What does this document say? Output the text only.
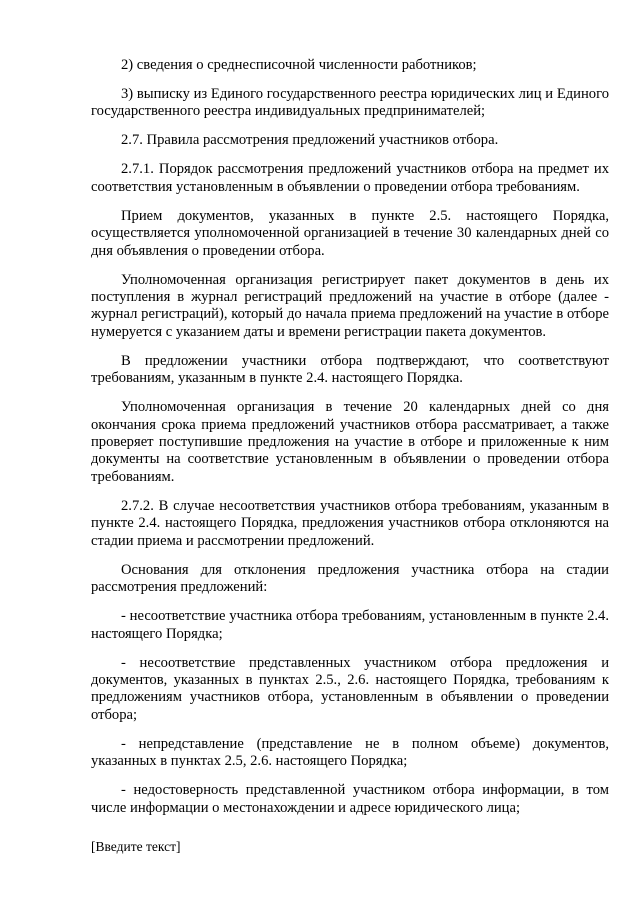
2) сведения о среднесписочной численности работников;

3) выписку из Единого государственного реестра юридических лиц и Единого государственного реестра индивидуальных предпринимателей;

2.7. Правила рассмотрения предложений участников отбора.

2.7.1. Порядок рассмотрения предложений участников отбора на предмет их соответствия установленным в объявлении о проведении отбора требованиям.

Прием документов, указанных в пункте 2.5. настоящего Порядка, осуществляется уполномоченной организацией в течение 30 календарных дней со дня объявления о проведении отбора.

Уполномоченная организация регистрирует пакет документов в день их поступления в журнал регистраций предложений на участие в отборе (далее - журнал регистраций), который до начала приема предложений на участие в отборе нумеруется с указанием даты и времени регистрации пакета документов.

В предложении участники отбора подтверждают, что соответствуют требованиям, указанным в пункте 2.4. настоящего Порядка.

Уполномоченная организация в течение 20 календарных дней со дня окончания срока приема предложений участников отбора рассматривает, а также проверяет поступившие предложения на участие в отборе и приложенные к ним документы на соответствие установленным в объявлении о проведении отбора требованиям.

2.7.2. В случае несоответствия участников отбора требованиям, указанным в пункте 2.4. настоящего Порядка, предложения участников отбора отклоняются на стадии приема и рассмотрении предложений.

Основания для отклонения предложения участника отбора на стадии рассмотрения предложений:

- несоответствие участника отбора требованиям, установленным в пункте 2.4. настоящего Порядка;

- несоответствие представленных участником отбора предложения и документов, указанных в пунктах 2.5., 2.6. настоящего Порядка, требованиям к предложениям участников отбора, установленным в объявлении о проведении отбора;

- непредставление (представление не в полном объеме) документов, указанных в пунктах 2.5, 2.6. настоящего Порядка;

- недостоверность представленной участником отбора информации, в том числе информации о местонахождении и адресе юридического лица;

[Введите текст]
